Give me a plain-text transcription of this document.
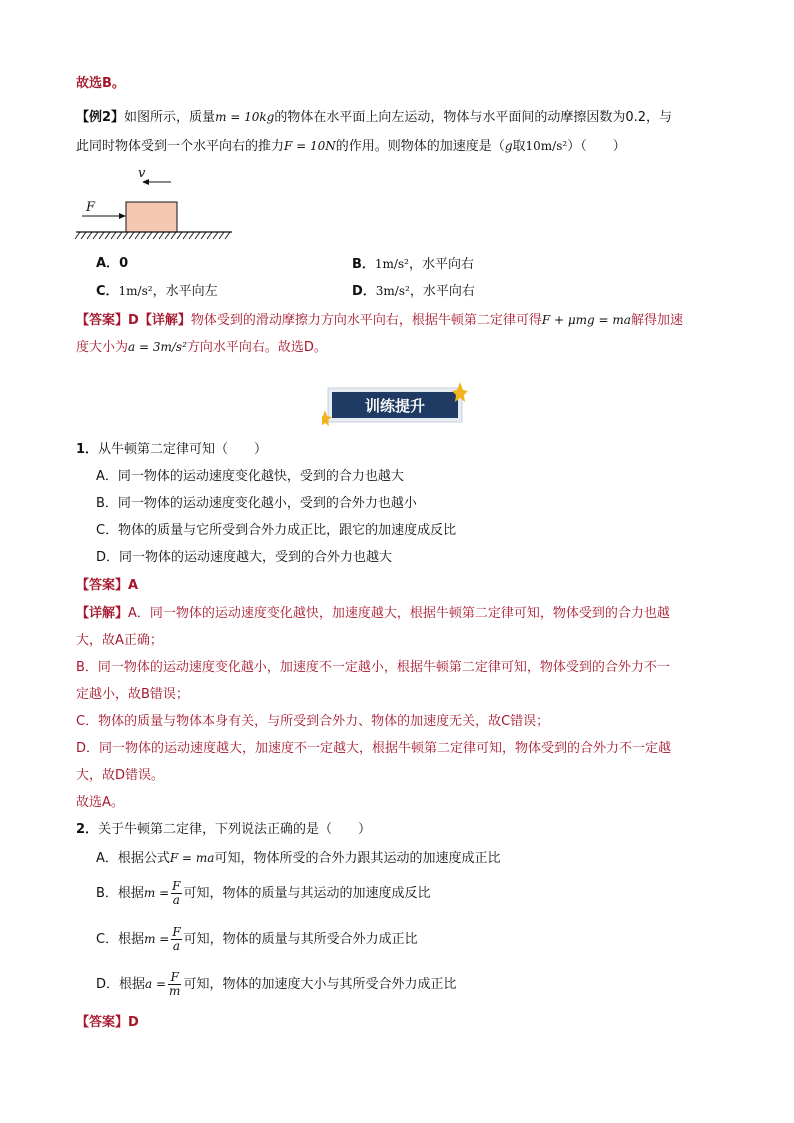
故选B。
【例2】如图所示，质量m = 10kg的物体在水平面上向左运动，物体与水平面间的动摩擦因数为0.2，与
此同时物体受到一个水平向右的推力F = 10N的作用。则物体的加速度是（g取10m/s²）（　　）
v
F
A．0	B．1m/s²，水平向右
C．1m/s²，水平向左	D．3m/s²，水平向右
【答案】D【详解】物体受到的滑动摩擦力方向水平向右，根据牛顿第二定律可得F + μmg = ma解得加速
度大小为a = 3m/s²方向水平向右。故选D。
训练提升
1．从牛顿第二定律可知（　　）
A．同一物体的运动速度变化越快，受到的合力也越大
B．同一物体的运动速度变化越小，受到的合外力也越小
C．物体的质量与它所受到合外力成正比，跟它的加速度成反比
D．同一物体的运动速度越大，受到的合外力也越大
【答案】A
【详解】A．同一物体的运动速度变化越快，加速度越大，根据牛顿第二定律可知，物体受到的合力也越
大，故A正确；
B．同一物体的运动速度变化越小，加速度不一定越小，根据牛顿第二定律可知，物体受到的合外力不一
定越小，故B错误；
C．物体的质量与物体本身有关，与所受到合外力、物体的加速度无关，故C错误；
D．同一物体的运动速度越大，加速度不一定越大，根据牛顿第二定律可知，物体受到的合外力不一定越
大，故D错误。
故选A。
2．关于牛顿第二定律，下列说法正确的是（　　）
A．根据公式F = ma可知，物体所受的合外力跟其运动的加速度成正比
B．根据$m = \frac{F}{a}$ 可知，物体的质量与其运动的加速度成反比
C．根据$m = \frac{F}{a}$ 可知，物体的质量与其所受合外力成正比
D．根据$a = \frac{F}{m}$ 可知，物体的加速度大小与其所受合外力成正比
【答案】D
